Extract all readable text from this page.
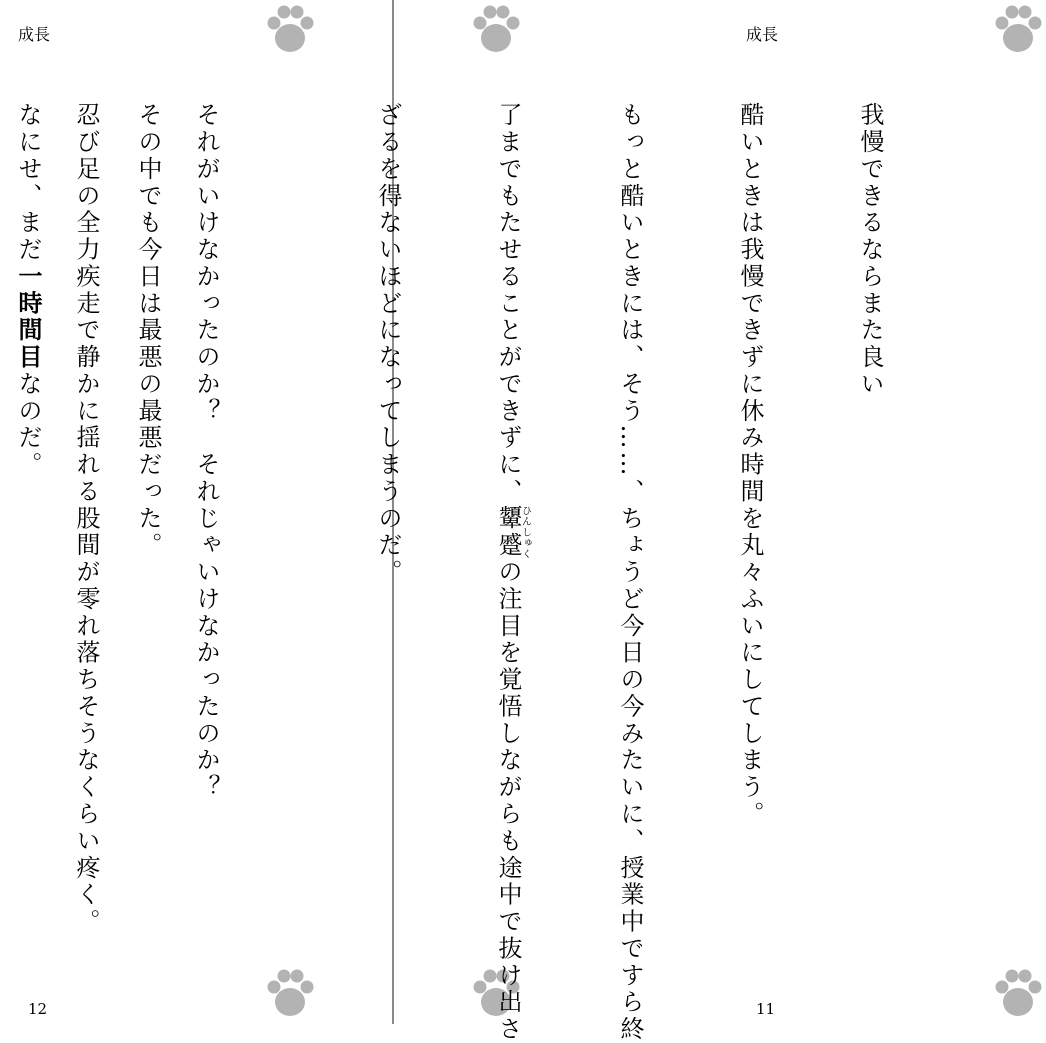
成長
12

それがいけなかったのか？　それじゃいけなかったのか？

忍び足の全力疾走で静かに揺れる股間が零れ落ちそうなくらい疼く。

成長
11

我慢できるならまた良い

酷いときは我慢できずに休み時間を丸々ふいにしてしまう。

もっと酷いときには、そう……、ちょうど今日の今みたいに、授業中ですら終

了までもたせることができずに、顰蹙ひんしゅくの注目を覚悟しながらも途中で抜け出さ

ざるを得ないほどになってしまうのだ。

その中でも今日は最悪の最悪だった。

なにせ、まだ一時間目なのだ。
